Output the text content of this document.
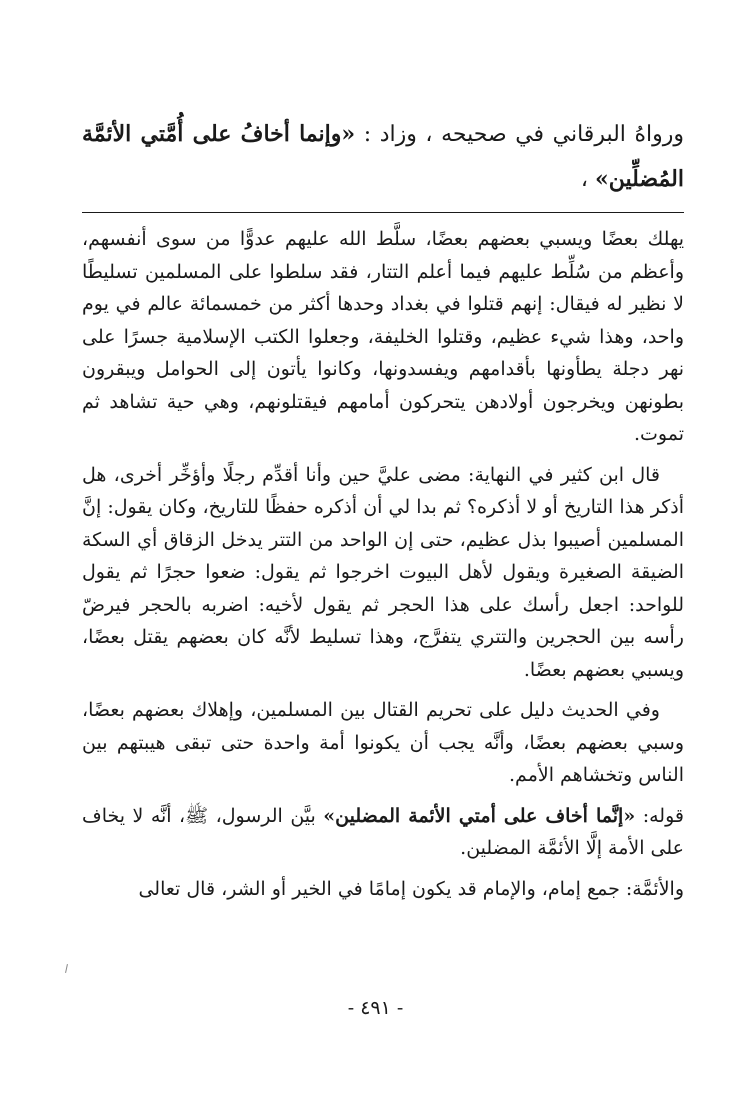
ورواهُ البرقاني في صحيحه ، وزاد : «وإنما أخافُ على أُمَّتي الأئمَّة المُضلِّين» ،

يهلك بعضًا ويسبي بعضهم بعضًا، سلَّط الله عليهم عدوًّا من سوى أنفسهم، وأعظم من سُلِّط عليهم فيما أعلم التتار، فقد سلطوا على المسلمين تسليطًا لا نظير له فيقال: إنهم قتلوا في بغداد وحدها أكثر من خمسمائة عالم في يوم واحد، وهذا شيء عظيم، وقتلوا الخليفة، وجعلوا الكتب الإسلامية جسرًا على نهر دجلة يطأونها بأقدامهم ويفسدونها، وكانوا يأتون إلى الحوامل ويبقرون بطونهن ويخرجون أولادهن يتحركون أمامهم فيقتلونهم، وهي حية تشاهد ثم تموت.

قال ابن كثير في النهاية: مضى عليَّ حين وأنا أقدِّم رجلًا وأؤخِّر أخرى، هل أذكر هذا التاريخ أو لا أذكره؟ ثم بدا لي أن أذكره حفظًا للتاريخ، وكان يقول: إنَّ المسلمين أصيبوا بذل عظيم، حتى إن الواحد من التتر يدخل الزقاق أي السكة الضيقة الصغيرة ويقول لأهل البيوت اخرجوا ثم يقول: ضعوا حجرًا ثم يقول للواحد: اجعل رأسك على هذا الحجر ثم يقول لأخيه: اضربه بالحجر فيرضّ رأسه بين الحجرين والتتري يتفرَّج، وهذا تسليط لأنَّه كان بعضهم يقتل بعضًا، ويسبي بعضهم بعضًا.

وفي الحديث دليل على تحريم القتال بين المسلمين، وإهلاك بعضهم بعضًا، وسبي بعضهم بعضًا، وأنَّه يجب أن يكونوا أمة واحدة حتى تبقى هيبتهم بين الناس وتخشاهم الأمم.

قوله: «إنَّما أخاف على أمتي الأئمة المضلين» بيَّن الرسول، ﷺ، أنَّه لا يخاف على الأمة إلَّا الأئمَّة المضلين.

والأئمَّة: جمع إمام، والإمام قد يكون إمامًا في الخير أو الشر، قال تعالى

- ٤٩١ -
